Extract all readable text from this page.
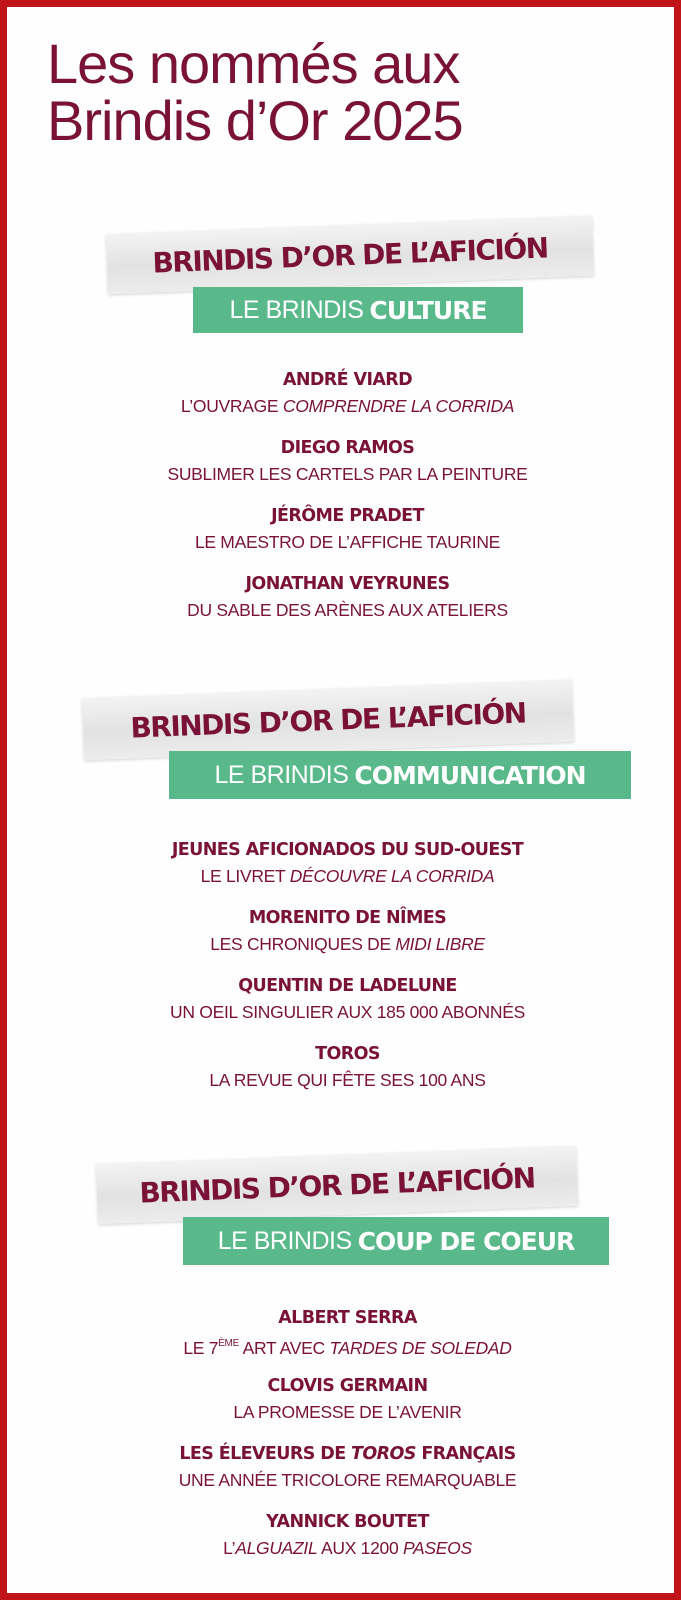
Les nommés aux
Brindis d’Or 2025
BRINDIS D’OR DE L’AFICIÓN
LE BRINDIS CULTURE
ANDRÉ VIARD
L’OUVRAGE COMPRENDRE LA CORRIDA
DIEGO RAMOS
SUBLIMER LES CARTELS PAR LA PEINTURE
JÉRÔME PRADET
LE MAESTRO DE L’AFFICHE TAURINE
JONATHAN VEYRUNES
DU SABLE DES ARÈNES AUX ATELIERS
BRINDIS D’OR DE L’AFICIÓN
LE BRINDIS COMMUNICATION
JEUNES AFICIONADOS DU SUD-OUEST
LE LIVRET DÉCOUVRE LA CORRIDA
MORENITO DE NÎMES
LES CHRONIQUES DE MIDI LIBRE
QUENTIN DE LADELUNE
UN OEIL SINGULIER AUX 185 000 ABONNÉS
TOROS
LA REVUE QUI FÊTE SES 100 ANS
BRINDIS D’OR DE L’AFICIÓN
LE BRINDIS COUP DE COEUR
ALBERT SERRA
LE 7ÈME ART AVEC TARDES DE SOLEDAD
CLOVIS GERMAIN
LA PROMESSE DE L’AVENIR
LES ÉLEVEURS DE TOROS FRANÇAIS
UNE ANNÉE TRICOLORE REMARQUABLE
YANNICK BOUTET
L’ALGUAZIL AUX 1200 PASEOS
